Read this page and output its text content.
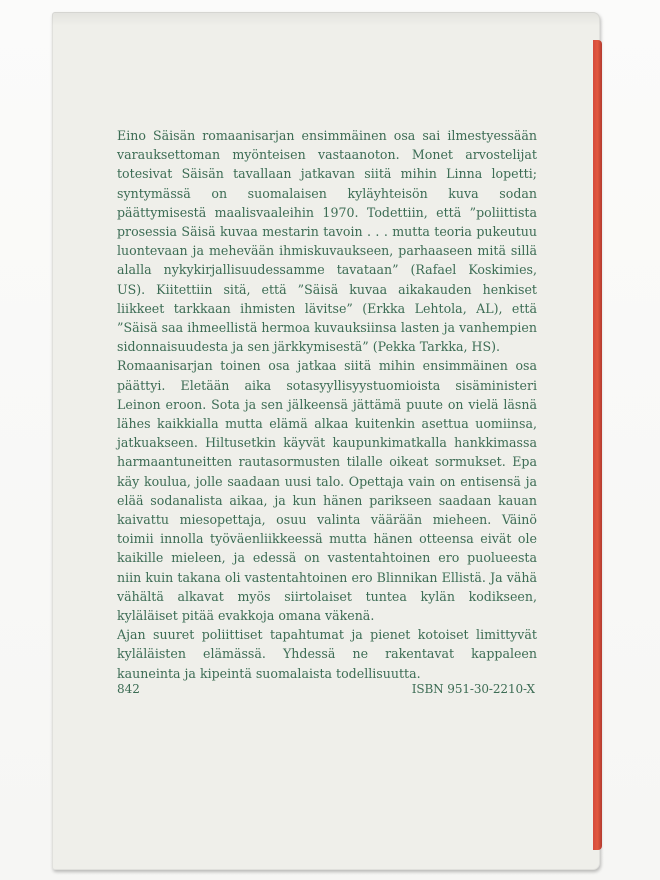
Eino Säisän romaanisarjan ensimmäinen osa sai ilmestyessään varauksettoman myönteisen vastaanoton. Monet arvostelijat totesivat Säisän tavallaan jatkavan siitä mihin Linna lopetti; syntymässä on suomalaisen kyläyhteisön kuva sodan päättymisestä maalisvaaleihin 1970. Todettiin, että ”poliittista prosessia Säisä kuvaa mestarin tavoin . . . mutta teoria pukeutuu luontevaan ja mehevään ihmiskuvaukseen, parhaaseen mitä sillä alalla nykykirjallisuudessamme tavataan” (Rafael Koskimies, US). Kiitettiin sitä, että ”Säisä kuvaa aikakauden henkiset liikkeet tarkkaan ihmisten lävitse” (Erkka Lehtola, AL), että ”Säisä saa ihmeellistä hermoa kuvauksiinsa lasten ja vanhempien sidonnaisuudesta ja sen järkkymisestä” (Pekka Tarkka, HS).

Romaanisarjan toinen osa jatkaa siitä mihin ensimmäinen osa päättyi. Eletään aika sotasyyllisyystuomioista sisäministeri Leinon eroon. Sota ja sen jälkeensä jättämä puute on vielä läsnä lähes kaikkialla mutta elämä alkaa kuitenkin asettua uomiinsa, jatkuakseen. Hiltusetkin käyvät kaupunkimatkalla hankkimassa harmaantuneitten rautasormusten tilalle oikeat sormukset. Epa käy koulua, jolle saadaan uusi talo. Opettaja vain on entisensä ja elää sodanalista aikaa, ja kun hänen parikseen saadaan kauan kaivattu miesopettaja, osuu valinta väärään mieheen. Väinö toimii innolla työväenliikkeessä mutta hänen otteensa eivät ole kaikille mieleen, ja edessä on vastentahtoinen ero puolueesta niin kuin takana oli vastentahtoinen ero Blinnikan Ellistä. Ja vähä vähältä alkavat myös siirtolaiset tuntea kylän kodikseen, kyläläiset pitää evakkoja omana väkenä.

Ajan suuret poliittiset tapahtumat ja pienet kotoiset limittyvät kyläläisten elämässä. Yhdessä ne rakentavat kappaleen kauneinta ja kipeintä suomalaista todellisuutta.

842	ISBN 951-30-2210-X
